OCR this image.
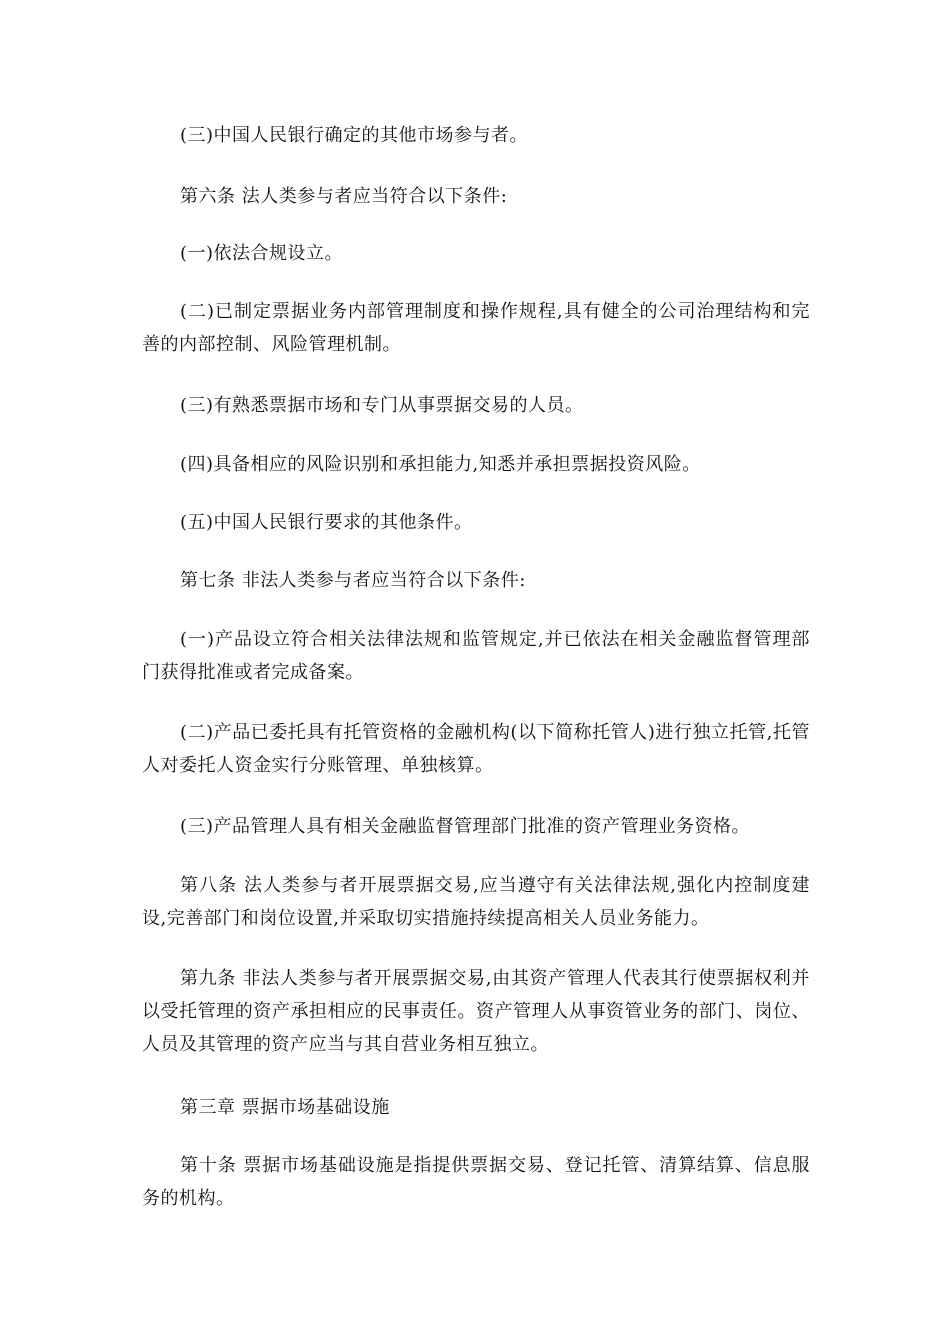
(三)中国人民银行确定的其他市场参与者。

第六条 法人类参与者应当符合以下条件:

(一)依法合规设立。

(二)已制定票据业务内部管理制度和操作规程,具有健全的公司治理结构和完善的内部控制、风险管理机制。

(三)有熟悉票据市场和专门从事票据交易的人员。

(四)具备相应的风险识别和承担能力,知悉并承担票据投资风险。

(五)中国人民银行要求的其他条件。

第七条 非法人类参与者应当符合以下条件:

(一)产品设立符合相关法律法规和监管规定,并已依法在相关金融监督管理部门获得批准或者完成备案。

(二)产品已委托具有托管资格的金融机构(以下简称托管人)进行独立托管,托管人对委托人资金实行分账管理、单独核算。

(三)产品管理人具有相关金融监督管理部门批准的资产管理业务资格。

第八条 法人类参与者开展票据交易,应当遵守有关法律法规,强化内控制度建设,完善部门和岗位设置,并采取切实措施持续提高相关人员业务能力。

第九条 非法人类参与者开展票据交易,由其资产管理人代表其行使票据权利并以受托管理的资产承担相应的民事责任。资产管理人从事资管业务的部门、岗位、人员及其管理的资产应当与其自营业务相互独立。

第三章 票据市场基础设施

第十条 票据市场基础设施是指提供票据交易、登记托管、清算结算、信息服务的机构。
